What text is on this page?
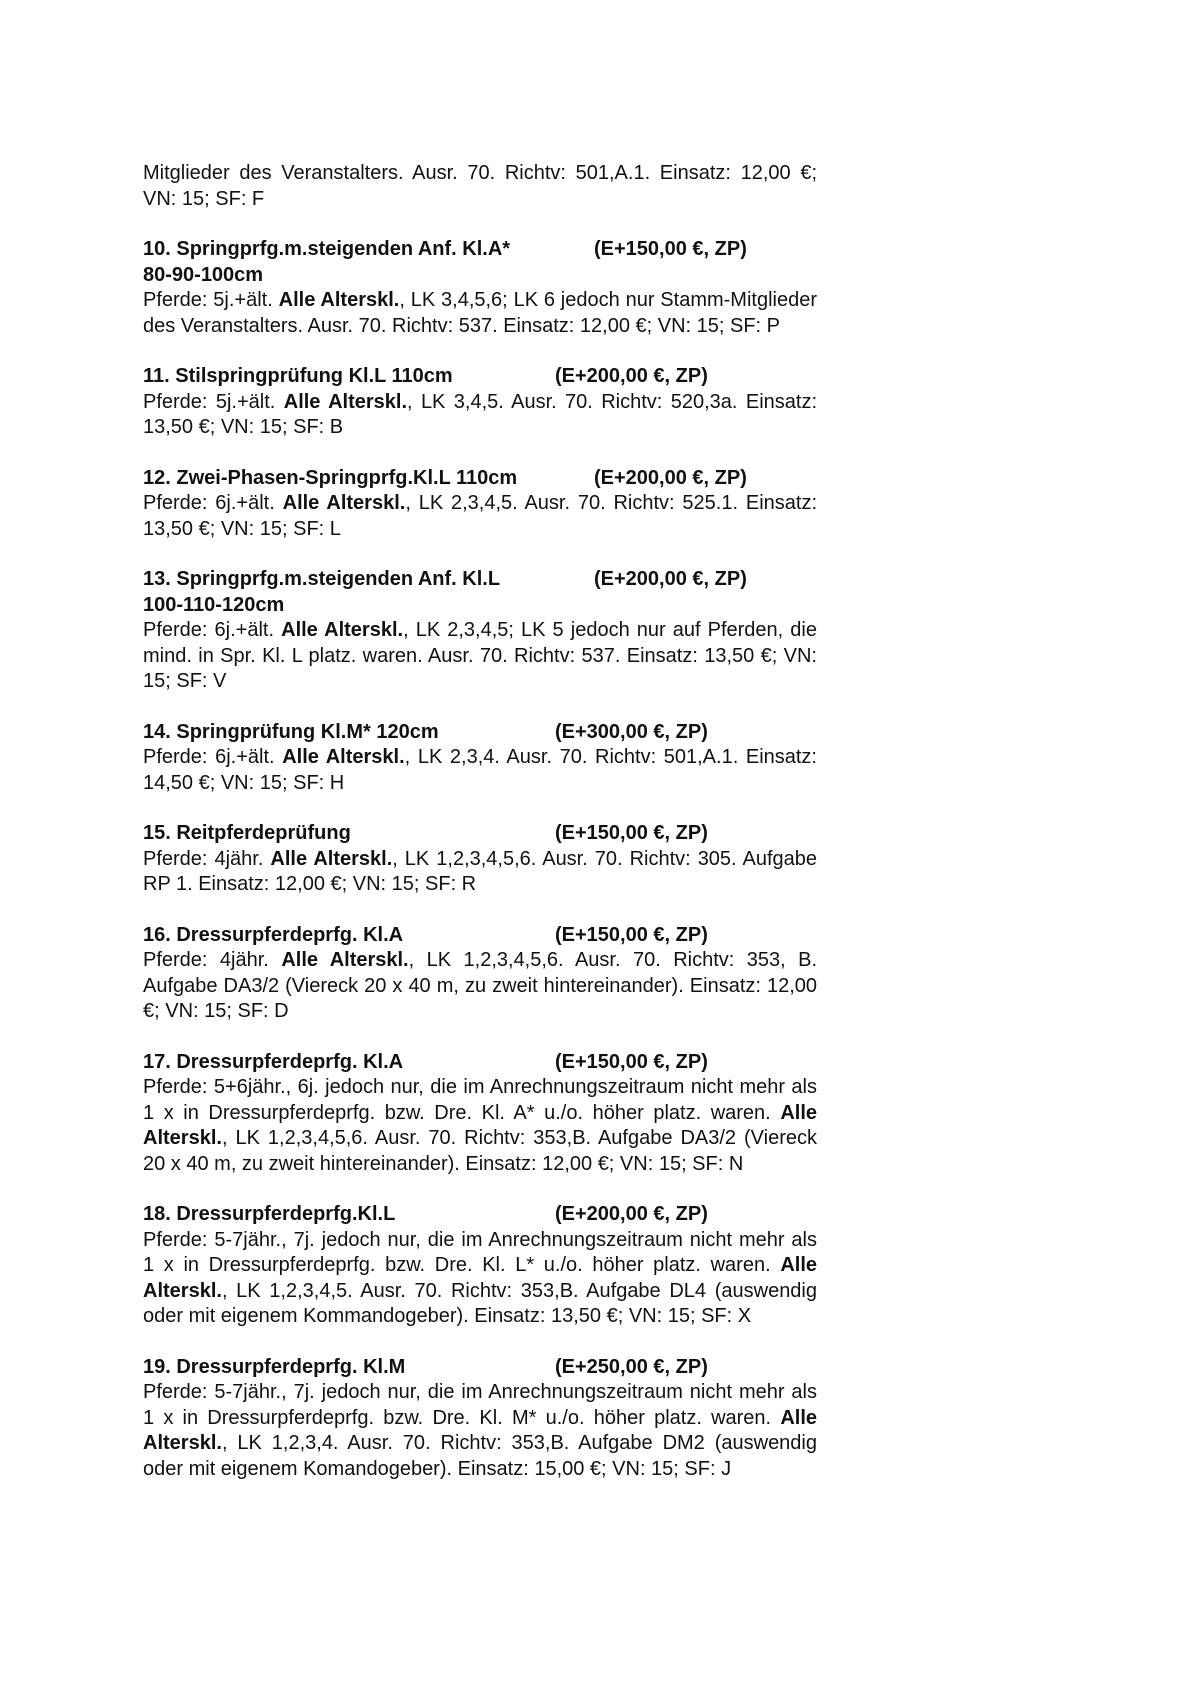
Mitglieder des Veranstalters. Ausr. 70. Richtv: 501,A.1. Einsatz: 12,00 €; VN: 15; SF: F

10. Springprfg.m.steigenden Anf. Kl.A*	(E+150,00 €, ZP)

80-90-100cm

Pferde: 5j.+ält. Alle Alterskl., LK 3,4,5,6; LK 6 jedoch nur Stamm-Mitglieder des Veranstalters. Ausr. 70. Richtv: 537. Einsatz: 12,00 €; VN: 15; SF: P

11. Stilspringprüfung Kl.L 110cm	(E+200,00 €, ZP)

Pferde: 5j.+ält. Alle Alterskl., LK 3,4,5. Ausr. 70. Richtv: 520,3a. Einsatz: 13,50 €; VN: 15; SF: B

12. Zwei-Phasen-Springprfg.Kl.L 110cm	(E+200,00 €, ZP)

Pferde: 6j.+ält. Alle Alterskl., LK 2,3,4,5. Ausr. 70. Richtv: 525.1. Einsatz: 13,50 €; VN: 15; SF: L

13. Springprfg.m.steigenden Anf. Kl.L	(E+200,00 €, ZP)

100-110-120cm

Pferde: 6j.+ält. Alle Alterskl., LK 2,3,4,5; LK 5 jedoch nur auf Pferden, die mind. in Spr. Kl. L platz. waren. Ausr. 70. Richtv: 537. Einsatz: 13,50 €; VN: 15; SF: V

14. Springprüfung Kl.M* 120cm	(E+300,00 €, ZP)

Pferde: 6j.+ält. Alle Alterskl., LK 2,3,4. Ausr. 70. Richtv: 501,A.1. Einsatz: 14,50 €; VN: 15; SF: H

15. Reitpferdeprüfung	(E+150,00 €, ZP)

Pferde: 4jähr. Alle Alterskl., LK 1,2,3,4,5,6. Ausr. 70. Richtv: 305. Aufgabe RP 1. Einsatz: 12,00 €; VN: 15; SF: R

16. Dressurpferdeprfg. Kl.A	(E+150,00 €, ZP)

Pferde: 4jähr. Alle Alterskl., LK 1,2,3,4,5,6. Ausr. 70. Richtv: 353, B. Aufgabe DA3/2 (Viereck 20 x 40 m, zu zweit hintereinander). Einsatz: 12,00 €; VN: 15; SF: D

17. Dressurpferdeprfg. Kl.A	(E+150,00 €, ZP)

Pferde: 5+6jähr., 6j. jedoch nur, die im Anrechnungszeitraum nicht mehr als 1 x in Dressurpferdeprfg. bzw. Dre. Kl. A* u./o. höher platz. waren. Alle Alterskl., LK 1,2,3,4,5,6. Ausr. 70. Richtv: 353,B. Aufgabe DA3/2 (Viereck 20 x 40 m, zu zweit hintereinander). Einsatz: 12,00 €; VN: 15; SF: N

18. Dressurpferdeprfg.Kl.L	(E+200,00 €, ZP)

Pferde: 5-7jähr., 7j. jedoch nur, die im Anrechnungszeitraum nicht mehr als 1 x in Dressurpferdeprfg. bzw. Dre. Kl. L* u./o. höher platz. waren. Alle Alterskl., LK 1,2,3,4,5. Ausr. 70. Richtv: 353,B. Aufgabe DL4 (auswendig oder mit eigenem Kommandogeber). Einsatz: 13,50 €; VN: 15; SF: X

19. Dressurpferdeprfg. Kl.M	(E+250,00 €, ZP)

Pferde: 5-7jähr., 7j. jedoch nur, die im Anrechnungszeitraum nicht mehr als 1 x in Dressurpferdeprfg. bzw. Dre. Kl. M* u./o. höher platz. waren. Alle Alterskl., LK 1,2,3,4. Ausr. 70. Richtv: 353,B. Aufgabe DM2 (auswendig oder mit eigenem Komandogeber). Einsatz: 15,00 €; VN: 15; SF: J
